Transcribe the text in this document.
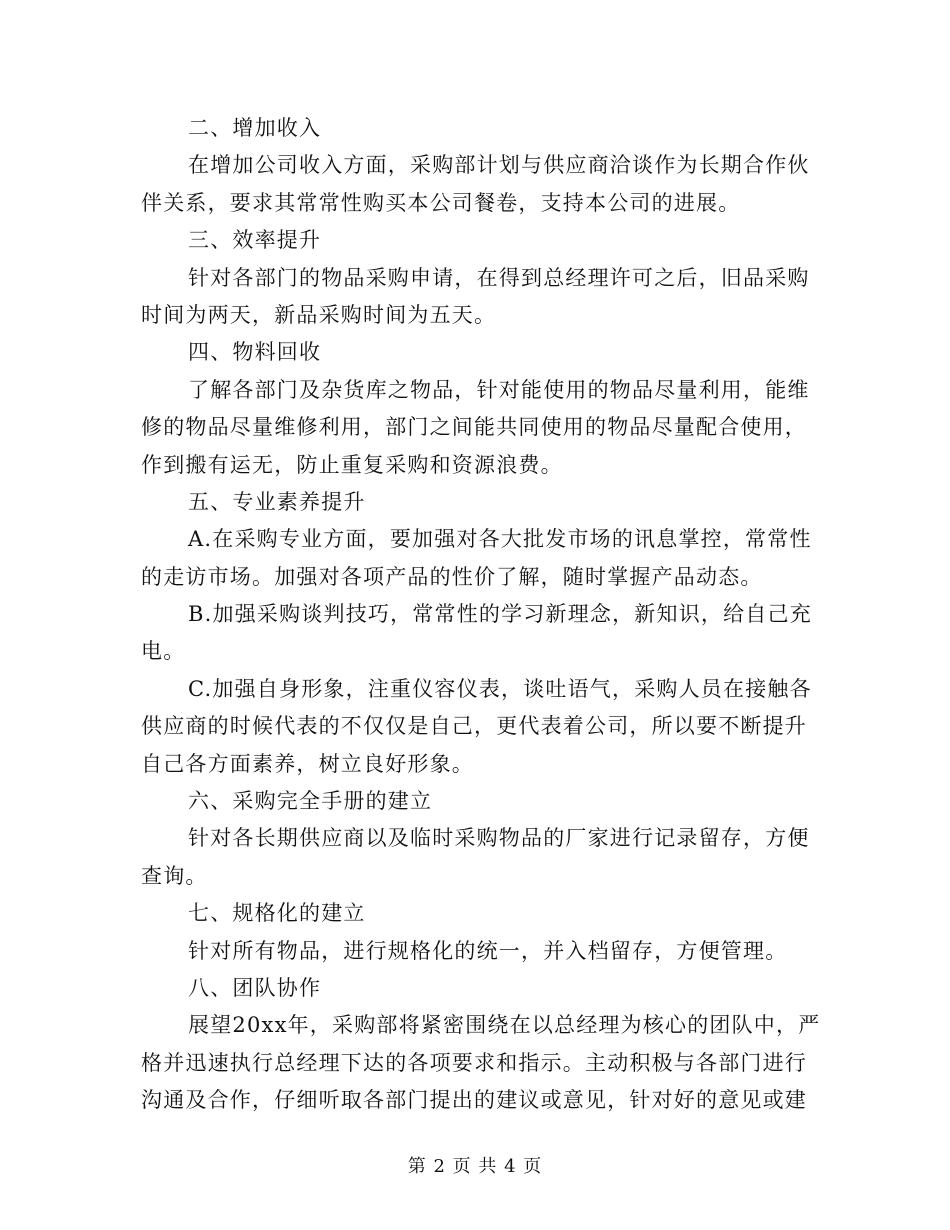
二、增加收入
在增加公司收入方面，采购部计划与供应商洽谈作为长期合作伙
伴关系，要求其常常性购买本公司餐卷，支持本公司的进展。
三、效率提升
针对各部门的物品采购申请，在得到总经理许可之后，旧品采购
时间为两天，新品采购时间为五天。
四、物料回收
了解各部门及杂货库之物品，针对能使用的物品尽量利用，能维
修的物品尽量维修利用，部门之间能共同使用的物品尽量配合使用，
作到搬有运无，防止重复采购和资源浪费。
五、专业素养提升
A.在采购专业方面，要加强对各大批发市场的讯息掌控，常常性
的走访市场。加强对各项产品的性价了解，随时掌握产品动态。
B.加强采购谈判技巧，常常性的学习新理念，新知识，给自己充
电。
C.加强自身形象，注重仪容仪表，谈吐语气，采购人员在接触各
供应商的时候代表的不仅仅是自己，更代表着公司，所以要不断提升
自己各方面素养，树立良好形象。
六、采购完全手册的建立
针对各长期供应商以及临时采购物品的厂家进行记录留存，方便
查询。
七、规格化的建立
针对所有物品，进行规格化的统一，并入档留存，方便管理。
八、团队协作
展望20xx年，采购部将紧密围绕在以总经理为核心的团队中，严
格并迅速执行总经理下达的各项要求和指示。主动积极与各部门进行
沟通及合作，仔细听取各部门提出的建议或意见，针对好的意见或建
第 2 页 共 4 页
